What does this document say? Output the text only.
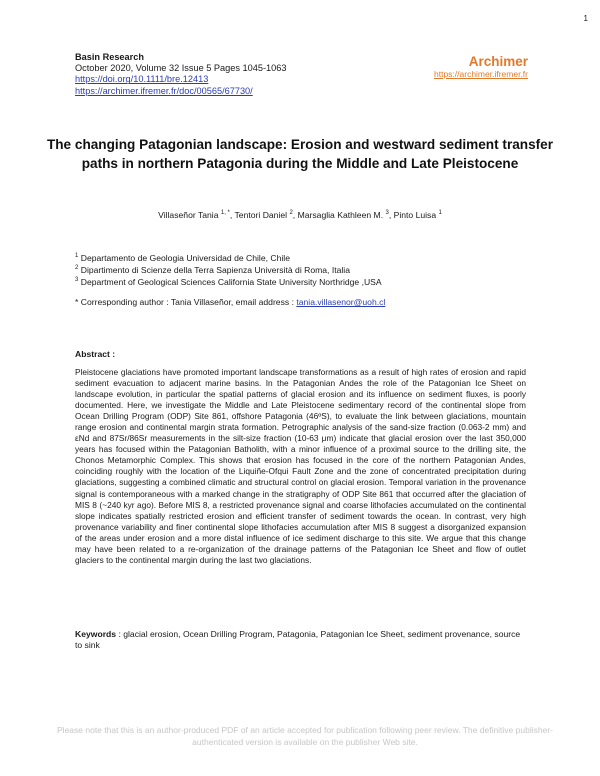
1
Basin Research
October 2020, Volume 32 Issue 5 Pages 1045-1063
https://doi.org/10.1111/bre.12413
https://archimer.ifremer.fr/doc/00565/67730/
Archimer
https://archimer.ifremer.fr
The changing Patagonian landscape: Erosion and westward sediment transfer paths in northern Patagonia during the Middle and Late Pleistocene
Villaseñor Tania $^{1, *}$, Tentori Daniel $^2$, Marsaglia Kathleen M. $^3$, Pinto Luisa $^1$
$^1$ Departamento de Geologia Universidad de Chile, Chile
$^2$ Dipartimento di Scienze della Terra Sapienza Università di Roma, Italia
$^3$ Department of Geological Sciences California State University Northridge ,USA
* Corresponding author : Tania Villaseñor, email address : tania.villasenor@uoh.cl
Abstract :
Pleistocene glaciations have promoted important landscape transformations as a result of high rates of erosion and rapid sediment evacuation to adjacent marine basins. In the Patagonian Andes the role of the Patagonian Ice Sheet on landscape evolution, in particular the spatial patterns of glacial erosion and its influence on sediment fluxes, is poorly documented. Here, we investigate the Middle and Late Pleistocene sedimentary record of the continental slope from Ocean Drilling Program (ODP) Site 861, offshore Patagonia (46ºS), to evaluate the link between glaciations, mountain range erosion and continental margin strata formation. Petrographic analysis of the sand-size fraction (0.063-2 mm) and εNd and 87Sr/86Sr measurements in the silt-size fraction (10-63 μm) indicate that glacial erosion over the last 350,000 years has focused within the Patagonian Batholith, with a minor influence of a proximal source to the drilling site, the Chonos Metamorphic Complex. This shows that erosion has focused in the core of the northern Patagonian Andes, coinciding roughly with the location of the Liquiñe-Ofqui Fault Zone and the zone of concentrated precipitation during glaciations, suggesting a combined climatic and structural control on glacial erosion. Temporal variation in the provenance signal is contemporaneous with a marked change in the stratigraphy of ODP Site 861 that occurred after the glaciation of MIS 8 (~240 kyr ago). Before MIS 8, a restricted provenance signal and coarse lithofacies accumulated on the continental slope indicates spatially restricted erosion and efficient transfer of sediment towards the ocean. In contrast, very high provenance variability and finer continental slope lithofacies accumulation after MIS 8 suggest a disorganized expansion of the areas under erosion and a more distal influence of ice sediment discharge to this site. We argue that this change may have been related to a re-organization of the drainage patterns of the Patagonian Ice Sheet and flow of outlet glaciers to the continental margin during the last two glaciations.
Keywords : glacial erosion, Ocean Drilling Program, Patagonia, Patagonian Ice Sheet, sediment provenance, source to sink
Please note that this is an author-produced PDF of an article accepted for publication following peer review. The definitive publisher-authenticated version is available on the publisher Web site.
